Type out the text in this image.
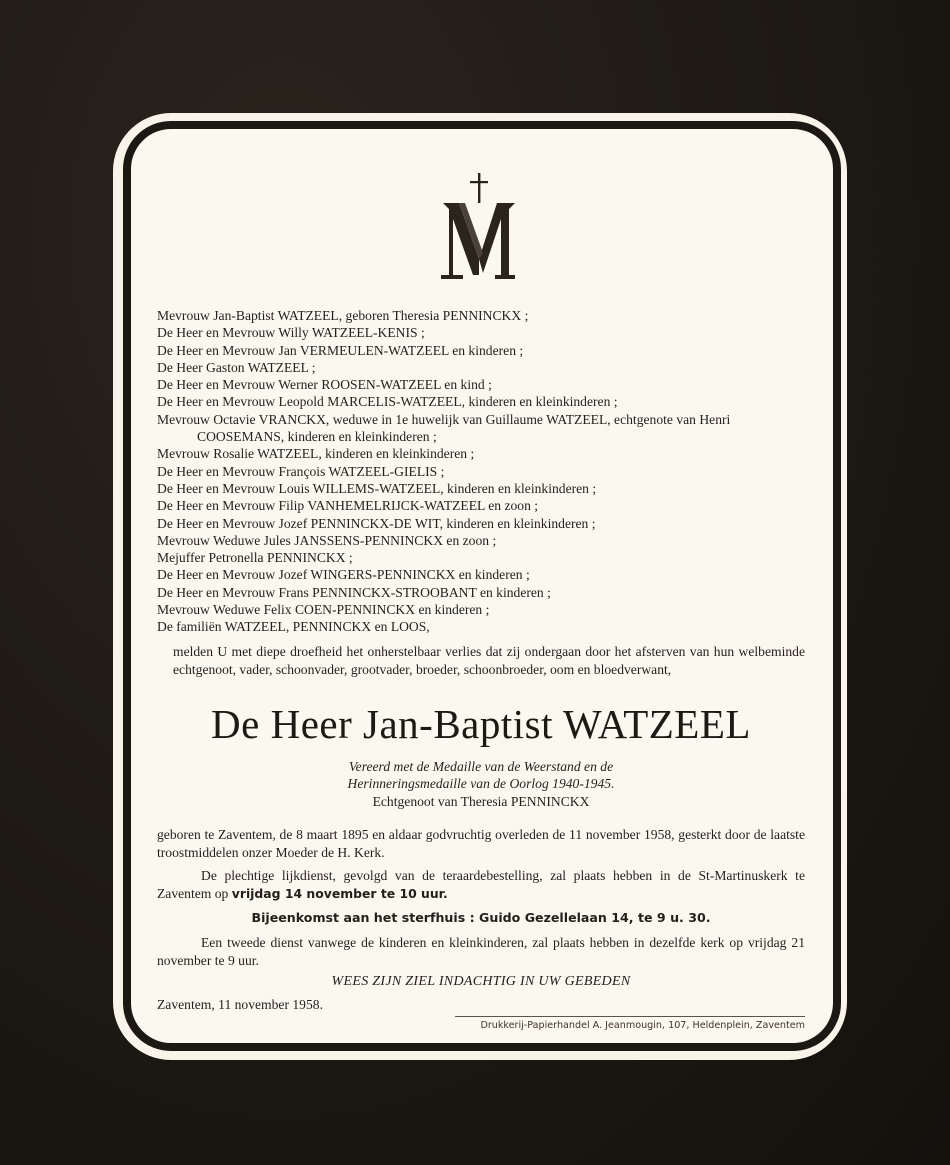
Mevrouw Jan-Baptist WATZEEL, geboren Theresia PENNINCKX ;
De Heer en Mevrouw Willy WATZEEL-KENIS ;
De Heer en Mevrouw Jan VERMEULEN-WATZEEL en kinderen ;
De Heer Gaston WATZEEL ;
De Heer en Mevrouw Werner ROOSEN-WATZEEL en kind ;
De Heer en Mevrouw Leopold MARCELIS-WATZEEL, kinderen en kleinkinderen ;
Mevrouw Octavie VRANCKX, weduwe in 1e huwelijk van Guillaume WATZEEL, echtgenote van Henri COOSEMANS, kinderen en kleinkinderen ;
Mevrouw Rosalie WATZEEL, kinderen en kleinkinderen ;
De Heer en Mevrouw François WATZEEL-GIELIS ;
De Heer en Mevrouw Louis WILLEMS-WATZEEL, kinderen en kleinkinderen ;
De Heer en Mevrouw Filip VANHEMELRIJCK-WATZEEL en zoon ;
De Heer en Mevrouw Jozef PENNINCKX-DE WIT, kinderen en kleinkinderen ;
Mevrouw Weduwe Jules JANSSENS-PENNINCKX en zoon ;
Mejuffer Petronella PENNINCKX ;
De Heer en Mevrouw Jozef WINGERS-PENNINCKX en kinderen ;
De Heer en Mevrouw Frans PENNINCKX-STROOBANT en kinderen ;
Mevrouw Weduwe Felix COEN-PENNINCKX en kinderen ;
De familiën WATZEEL, PENNINCKX en LOOS,
melden U met diepe droefheid het onherstelbaar verlies dat zij ondergaan door het afsterven van hun welbeminde echtgenoot, vader, schoonvader, grootvader, broeder, schoonbroeder, oom en bloedverwant,
De Heer Jan-Baptist WATZEEL
Vereerd met de Medaille van de Weerstand en de
Herinneringsmedaille van de Oorlog 1940-1945.
Echtgenoot van Theresia PENNINCKX
geboren te Zaventem, de 8 maart 1895 en aldaar godvruchtig overleden de 11 november 1958, gesterkt door de laatste troostmiddelen onzer Moeder de H. Kerk.
De plechtige lijkdienst, gevolgd van de teraardebestelling, zal plaats hebben in de St-Martinuskerk te Zaventem op vrijdag 14 november te 10 uur.
Bijeenkomst aan het sterfhuis : Guido Gezellelaan 14, te 9 u. 30.
Een tweede dienst vanwege de kinderen en kleinkinderen, zal plaats hebben in dezelfde kerk op vrijdag 21 november te 9 uur.
WEES ZIJN ZIEL INDACHTIG IN UW GEBEDEN
Zaventem, 11 november 1958.
Drukkerij-Papierhandel A. Jeanmougin, 107, Heldenplein, Zaventem
